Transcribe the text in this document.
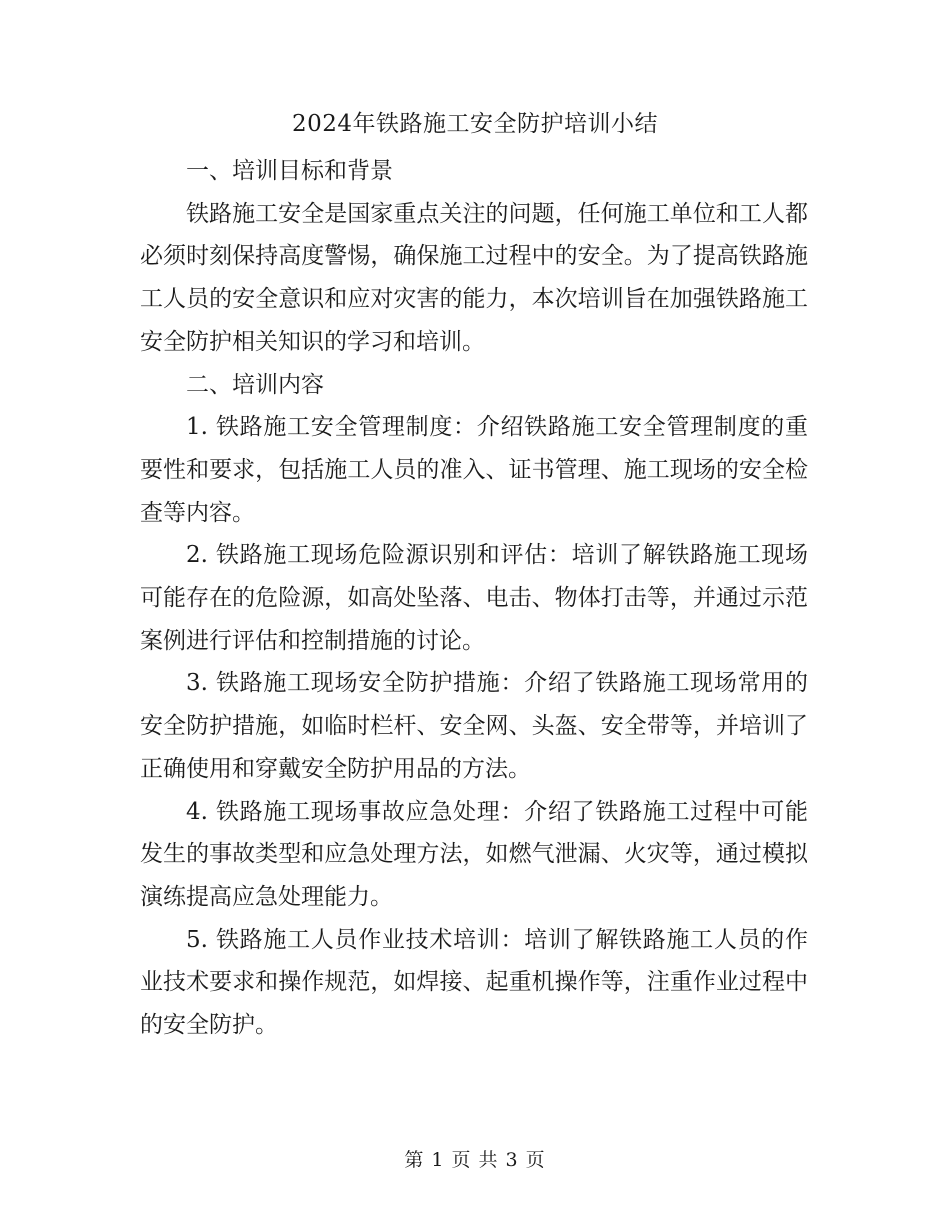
2024年铁路施工安全防护培训小结

一、培训目标和背景

铁路施工安全是国家重点关注的问题，任何施工单位和工人都必须时刻保持高度警惕，确保施工过程中的安全。为了提高铁路施工人员的安全意识和应对灾害的能力，本次培训旨在加强铁路施工安全防护相关知识的学习和培训。

二、培训内容

1. 铁路施工安全管理制度：介绍铁路施工安全管理制度的重要性和要求，包括施工人员的准入、证书管理、施工现场的安全检查等内容。

2. 铁路施工现场危险源识别和评估：培训了解铁路施工现场可能存在的危险源，如高处坠落、电击、物体打击等，并通过示范案例进行评估和控制措施的讨论。

3. 铁路施工现场安全防护措施：介绍了铁路施工现场常用的安全防护措施，如临时栏杆、安全网、头盔、安全带等，并培训了正确使用和穿戴安全防护用品的方法。

4. 铁路施工现场事故应急处理：介绍了铁路施工过程中可能发生的事故类型和应急处理方法，如燃气泄漏、火灾等，通过模拟演练提高应急处理能力。

5. 铁路施工人员作业技术培训：培训了解铁路施工人员的作业技术要求和操作规范，如焊接、起重机操作等，注重作业过程中的安全防护。

第 1 页 共 3 页
